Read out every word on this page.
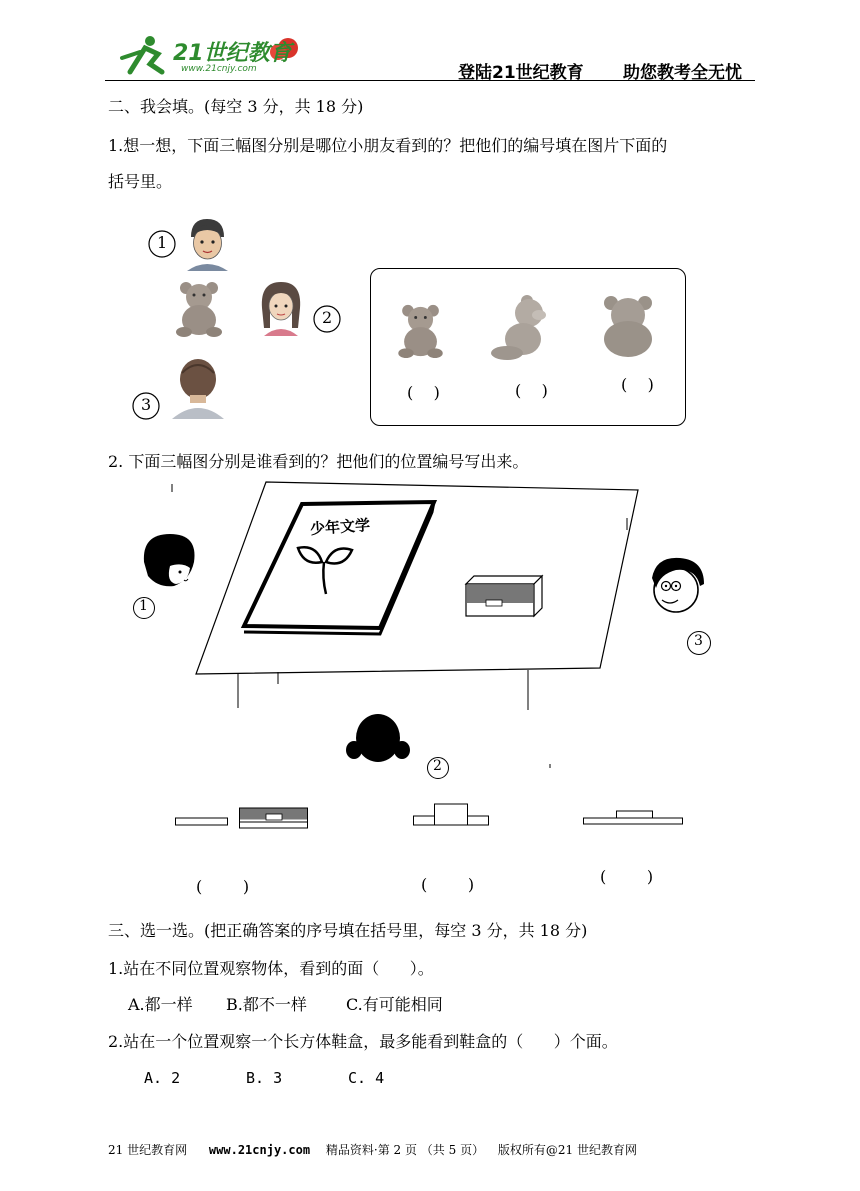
21世纪教育
www.21cnjy.com	登陆21世纪教育 助您教考全无忧
二、我会填。(每空 3 分，共 18 分)
1.想一想，下面三幅图分别是哪位小朋友看到的？把他们的编号填在图片下面的
括号里。
1
2
3
(    )	(    )	(    )
2. 下面三幅图分别是谁看到的？把他们的位置编号写出来。
少年文学
1
3
2
(        )	(        )	(        )
三、选一选。(把正确答案的序号填在括号里，每空 3 分，共 18 分)
1.站在不同位置观察物体，看到的面（      ）。
A.都一样 B.都不一样 C.有可能相同
2.站在一个位置观察一个长方体鞋盒，最多能看到鞋盒的（      ）个面。
A. 2	B. 3	C. 4
21 世纪教育网 www.21cnjy.com 精品资料·第 2 页 （共 5 页） 版权所有@21 世纪教育网
